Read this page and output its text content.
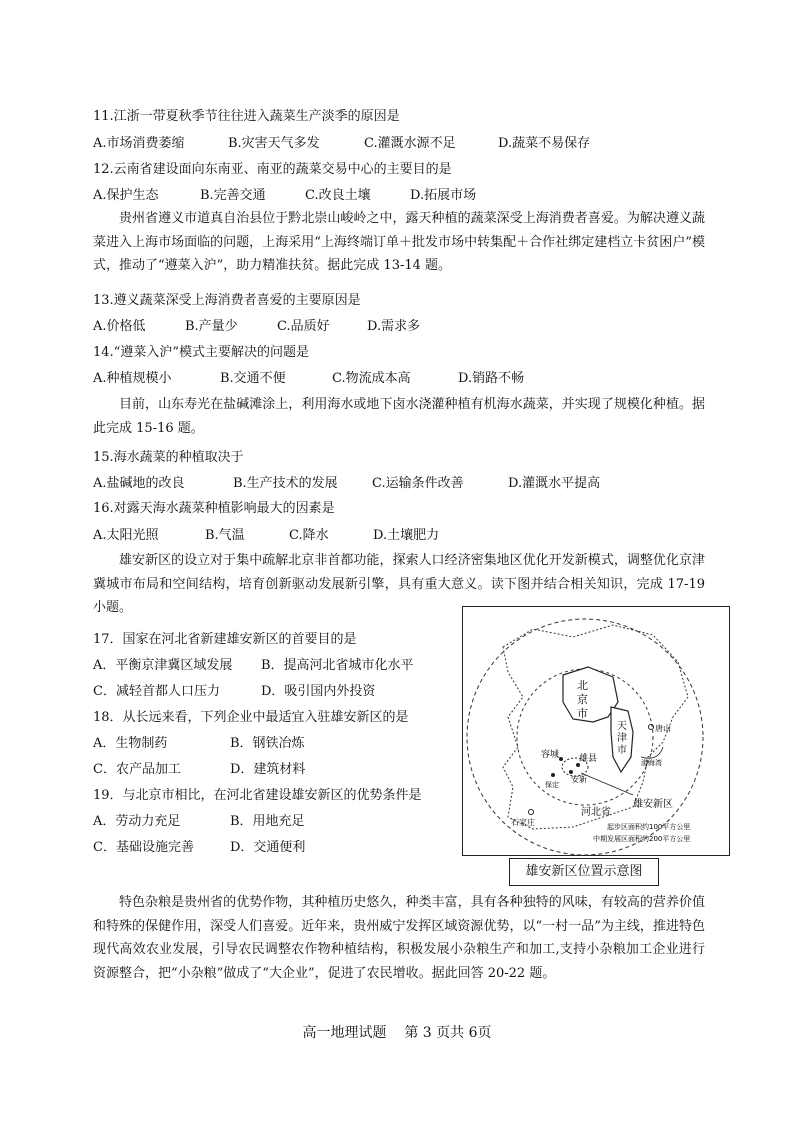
11.江浙一带夏秋季节往往进入蔬菜生产淡季的原因是
A.市场消费萎缩	B.灾害天气多发	C.灌溉水源不足	D.蔬菜不易保存
12.云南省建设面向东南亚、南亚的蔬菜交易中心的主要目的是
A.保护生态	B.完善交通	C.改良土壤	D.拓展市场
贵州省遵义市道真自治县位于黔北崇山峻岭之中，露天种植的蔬菜深受上海消费者喜爱。为解决遵义蔬菜进入上海市场面临的问题，上海采用“上海终端订单＋批发市场中转集配＋合作社绑定建档立卡贫困户”模式，推动了“遵菜入沪”，助力精准扶贫。据此完成 13-14 题。
13.遵义蔬菜深受上海消费者喜爱的主要原因是
A.价格低	B.产量少	C.品质好	D.需求多
14.“遵菜入沪”模式主要解决的问题是
A.种植规模小	B.交通不便	C.物流成本高	D.销路不畅
目前，山东寿光在盐碱滩涂上，利用海水或地下卤水浇灌种植有机海水蔬菜，并实现了规模化种植。据此完成 15-16 题。
15.海水蔬菜的种植取决于
A.盐碱地的改良	B.生产技术的发展	C.运输条件改善	D.灌溉水平提高
16.对露天海水蔬菜种植影响最大的因素是
A.太阳光照	B.气温	C.降水	D.土壤肥力
雄安新区的设立对于集中疏解北京非首都功能，探索人口经济密集地区优化开发新模式，调整优化京津冀城市布局和空间结构，培育创新驱动发展新引擎，具有重大意义。读下图并结合相关知识，完成 17-19 小题。
17．国家在河北省新建雄安新区的首要目的是
A．平衡京津冀区域发展 B．提高河北省城市化水平
C．减轻首都人口压力	D．吸引国内外投资
18．从长远来看，下列企业中最适宜入驻雄安新区的是
A．生物制药	B．钢铁冶炼
C．农产品加工	D．建筑材料
19．与北京市相比，在河北省建设雄安新区的优势条件是
A．劳动力充足	B．用地充足
C．基础设施完善	D．交通便利
北
京
市
天
津
市
容城 雄县
安新
保定
唐山
渤海湾
河北省
石家庄
雄安新区
起步区面积约100平方公里
中期发展区面积约200平方公里
雄安新区位置示意图
特色杂粮是贵州省的优势作物，其种植历史悠久，种类丰富，具有各种独特的风味，有较高的营养价值和特殊的保健作用，深受人们喜爱。近年来，贵州威宁发挥区域资源优势，以“一村一品”为主线，推进特色现代高效农业发展，引导农民调整农作物种植结构，积极发展小杂粮生产和加工,支持小杂粮加工企业进行资源整合，把“小杂粮”做成了“大企业”，促进了农民增收。据此回答 20-22 题。
高一地理试题 第 3 页共 6页
